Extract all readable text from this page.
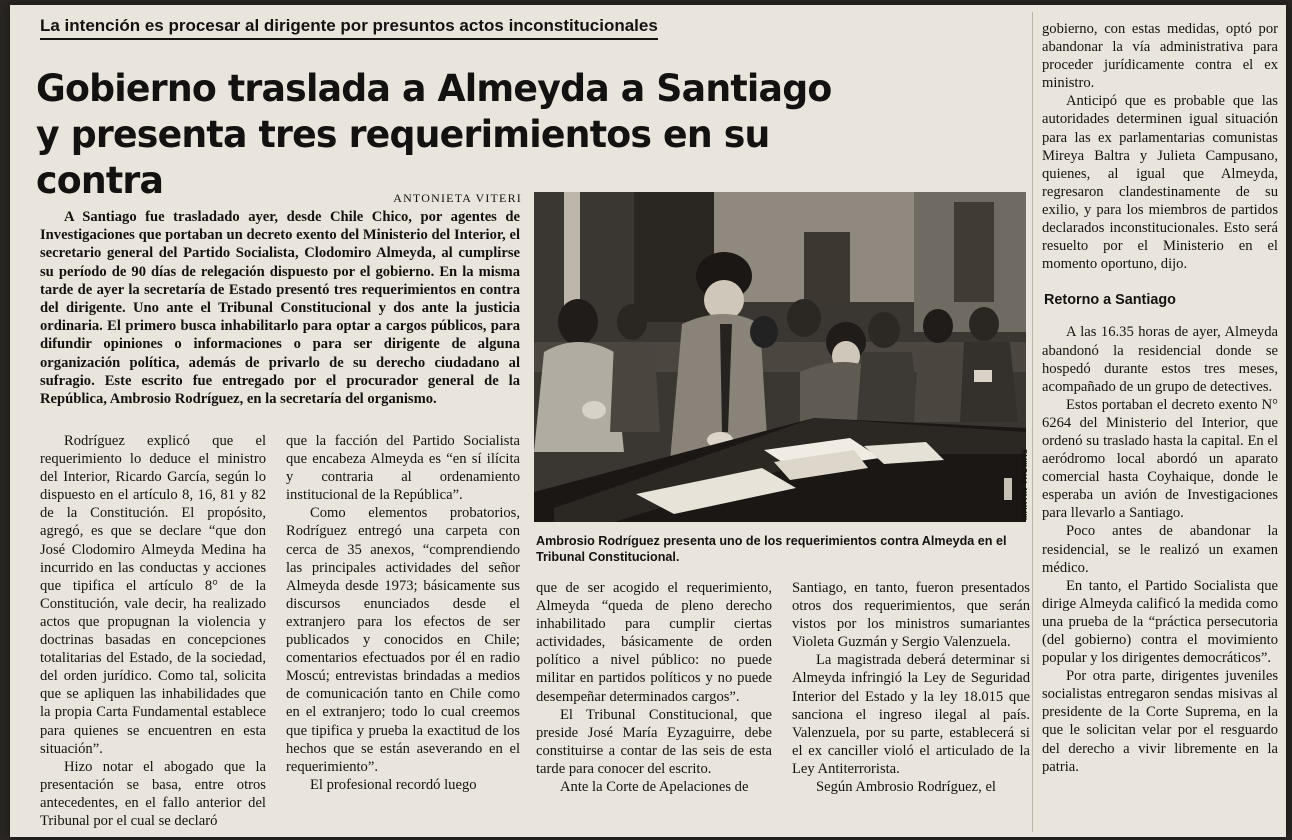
La intención es procesar al dirigente por presuntos actos inconstitucionales
Gobierno traslada a Almeyda a Santiago y presenta tres requerimientos en su contra	ANTONIETA VITERI

A Santiago fue trasladado ayer, desde Chile Chico, por agentes de Investigaciones que portaban un decreto exento del Ministerio del Interior, el secretario general del Partido Socialista, Clodomiro Almeyda, al cumplirse su período de 90 días de relegación dispuesto por el gobierno. En la misma tarde de ayer la secretaría de Estado presentó tres requerimientos en contra del dirigente. Uno ante el Tribunal Constitucional y dos ante la justicia ordinaria. El primero busca inhabilitarlo para optar a cargos públicos, para difundir opiniones o informaciones o para ser dirigente de alguna organización política, además de privarlo de su derecho ciudadano al sufragio. Este escrito fue entregado por el procurador general de la República, Ambrosio Rodríguez, en la secretaría del organismo.

MARTIN THOMAS

Ambrosio Rodríguez presenta uno de los requerimientos contra Almeyda en el Tribunal Constitucional.

Rodríguez explicó que el requerimiento lo deduce el ministro del Interior, Ricardo García, según lo dispuesto en el artículo 8, 16, 81 y 82 de la Constitución. El propósito, agregó, es que se declare “que don José Clodomiro Almeyda Medina ha incurrido en las conductas y acciones que tipifica el artículo 8° de la Constitución, vale decir, ha realizado actos que propugnan la violencia y doctrinas basadas en concepciones totalitarias del Estado, de la sociedad, del orden jurídico. Como tal, solicita que se apliquen las inhabilidades que la propia Carta Fundamental establece para quienes se encuentren en esta situación”.

Hizo notar el abogado que la presentación se basa, entre otros antecedentes, en el fallo anterior del Tribunal por el cual se declaró

que la facción del Partido Socialista que encabeza Almeyda es “en sí ilícita y contraria al ordenamiento institucional de la República”.

Como elementos probatorios, Rodríguez entregó una carpeta con cerca de 35 anexos, “comprendiendo las principales actividades del señor Almeyda desde 1973; básicamente sus discursos enunciados desde el extranjero para los efectos de ser publicados y conocidos en Chile; comentarios efectuados por él en radio Moscú; entrevistas brindadas a medios de comunicación tanto en Chile como en el extranjero; todo lo cual creemos que tipifica y prueba la exactitud de los hechos que se están aseverando en el requerimiento”.

El profesional recordó luego

que de ser acogido el requerimiento, Almeyda “queda de pleno derecho inhabilitado para cumplir ciertas actividades, básicamente de orden político a nivel público: no puede militar en partidos políticos y no puede desempeñar determinados cargos”.

El Tribunal Constitucional, que preside José María Eyzaguirre, debe constituirse a contar de las seis de esta tarde para conocer del escrito.

Ante la Corte de Apelaciones de

Santiago, en tanto, fueron presentados otros dos requerimientos, que serán vistos por los ministros sumariantes Violeta Guzmán y Sergio Valenzuela.

La magistrada deberá determinar si Almeyda infringió la Ley de Seguridad Interior del Estado y la ley 18.015 que sanciona el ingreso ilegal al país. Valenzuela, por su parte, establecerá si el ex canciller violó el articulado de la Ley Antiterrorista.

Según Ambrosio Rodríguez, el

gobierno, con estas medidas, optó por abandonar la vía administrativa para proceder jurídicamente contra el ex ministro.

Anticipó que es probable que las autoridades determinen igual situación para las ex parlamentarias comunistas Mireya Baltra y Julieta Campusano, quienes, al igual que Almeyda, regresaron clandestinamente de su exilio, y para los miembros de partidos declarados inconstitucionales. Esto será resuelto por el Ministerio en el momento oportuno, dijo.

Retorno a Santiago

A las 16.35 horas de ayer, Almeyda abandonó la residencial donde se hospedó durante estos tres meses, acompañado de un grupo de detectives.

Estos portaban el decreto exento N° 6264 del Ministerio del Interior, que ordenó su traslado hasta la capital. En el aeródromo local abordó un aparato comercial hasta Coyhaique, donde le esperaba un avión de Investigaciones para llevarlo a Santiago.

Poco antes de abandonar la residencial, se le realizó un examen médico.

En tanto, el Partido Socialista que dirige Almeyda calificó la medida como una prueba de la “práctica persecutoria (del gobierno) contra el movimiento popular y los dirigentes democráticos”.

Por otra parte, dirigentes juveniles socialistas entregaron sendas misivas al presidente de la Corte Suprema, en la que le solicitan velar por el resguardo del derecho a vivir libremente en la patria.
